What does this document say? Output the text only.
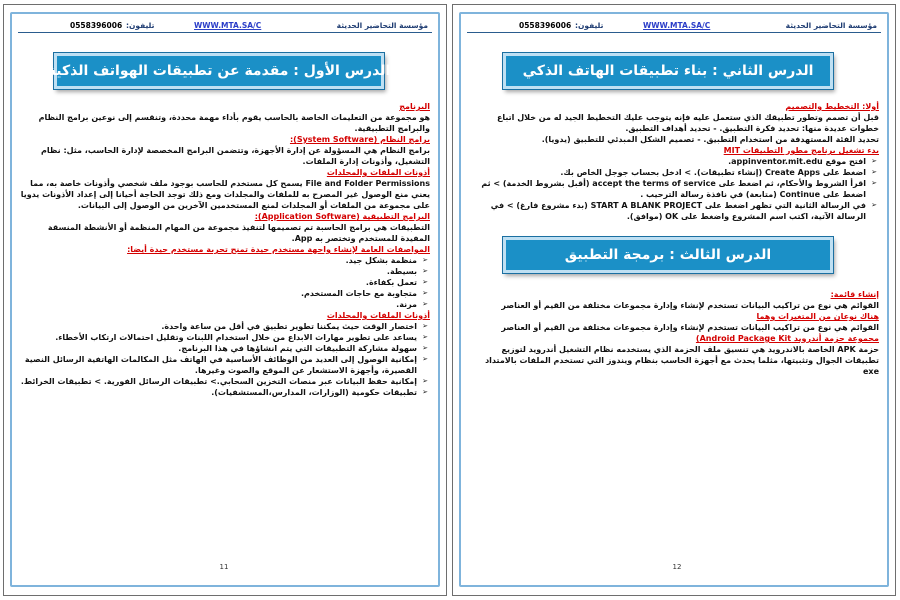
0558396006 تليفون:	WWW.MTA.SA/C	مؤسسة التحاضير الحديثة
الدرس الأول : مقدمة عن تطبيقات الهواتف الذكية

البرنامج

هو مجموعة من التعليمات الخاصة بالحاسب يقوم بأداء مهمة محددة، وتنقسم إلى نوعين برامج النظام والبرامج التطبيقية.

برامج النظام (System Software):

برامج النظام هي المسؤولة عن إدارة الأجهزة، وتتضمن البرامج المخصصة لإدارة الحاسب، مثل: نظام التشغيل، وأذونات إدارة الملفات.

أذونات الملفات والمجلدات

File and Folder Permissions يسمح كل مستخدم للحاسب بوجود ملف شخصي وأذونات خاصة به، مما يعني منع الوصول غير المصرح به للملفات والمجلدات ومع ذلك توجد الحاجة أحيانا إلى إعداد الأذونات يدويا على مجموعة من الملفات أو المجلدات لمنع المستخدمين الآخرين من الوصول إلى البيانات.

البرامج التطبيقية (Application Software):

التطبيقات هي برامج الحاسبة تم تصميمها لتنفيذ مجموعة من المهام المنظمة أو الأنشطة المنسقة المفيدة للمستخدم وتختصر به App.

المواصفات العامة لإنشاء واجهة مستخدم جيدة تمنح تجربة مستخدم جيدة أيضا:

➢ منظمة بشكل جيد.
➢ بسيطة.
➢ تعمل بكفاءة.
➢ متجاوبة مع حاجات المستخدم.
➢ مرنة.

أذونات الملفات والمجلدات

➢ اختصار الوقت حيث يمكننا تطوير تطبيق في أقل من ساعة واحدة.
➢ يساعد على تطوير مهارات الابداع من خلال استخدام اللبنات وتقليل احتمالات ارتكاب الأخطاء.
➢ سهولة مشاركة التطبيقات التي يتم انشاؤها في هذا البرنامج.
➢ إمكانية الوصول إلى العديد من الوظائف الأساسية في الهاتف مثل المكالمات الهاتفية الرسائل النصية القصيرة، وأجهزة الاستشعار عن الموقع والصوت وغيرها.
➢ إمكانية حفظ البيانات عبر منصات التخزين السحابي.> تطبيقات الرسائل الفورية. > تطبيقات الخرائط.
➢ تطبيقات حكومية (الوزارات، المدارس،المستشفيات).
11
0558396006 تليفون:	WWW.MTA.SA/C	مؤسسة التحاضير الحديثة
الدرس الثاني : بناء تطبيقات الهاتف الذكي

أولا: التخطيط والتصميم

قبل أن تصمم وتطور تطبيقك الذي ستعمل عليه فإنه يتوجب عليك التخطيط الجيد له من خلال اتباع خطوات عديدة منها: تحديد فكرة التطبيق. - تحديد أهداف التطبيق.

تحديد الفئة المستهدفة من استخدام التطبيق. - تصميم الشكل المبدئي للتطبيق (يدويا).

بدء تشغيل برنامج مطور التطبيقات MIT

➢ افتح موقع appinventor.mit.edu.
➢ اضغط على Create Apps (إنشاء تطبيقات). > ادخل بحساب جوجل الخاص بك.
➢ اقرأ الشروط والأحكام، ثم اضغط على accept the terms of service (أقبل بشروط الخدمة) > ثم اضغط على Continue (متابعة) في نافذة رسالة الترحيب .
➢ في الرسالة الثانية التي تظهر اضغط على START A BLANK PROJECT (بدء مشروع فارغ) > في الرسالة الآتية، اكتب اسم المشروع واضغط على OK (موافق).
الدرس الثالث : برمجة التطبيق

إنشاء قائمة:

القوائم هي نوع من تراكيب البيانات تستخدم لإنشاء وإدارة مجموعات مختلفة من القيم أو العناصر

هناك نوعان من المتغيرات وهما

القوائم هي نوع من تراكيب البيانات تستخدم لإنشاء وإدارة مجموعات مختلفة من القيم أو العناصر

مجموعة حزمة أندرويد Android Package Kit)

حزمة APK الخاصة بالاندرويد هي تنسيق ملف الحزمة الذي يستخدمه نظام التشغيل أندرويد لتوزيع تطبيقات الجوال وتثبيتها، مثلما يحدث مع أجهزة الحاسب بنظام ويندوز التي تستخدم الملفات بالامتداد exe

12
